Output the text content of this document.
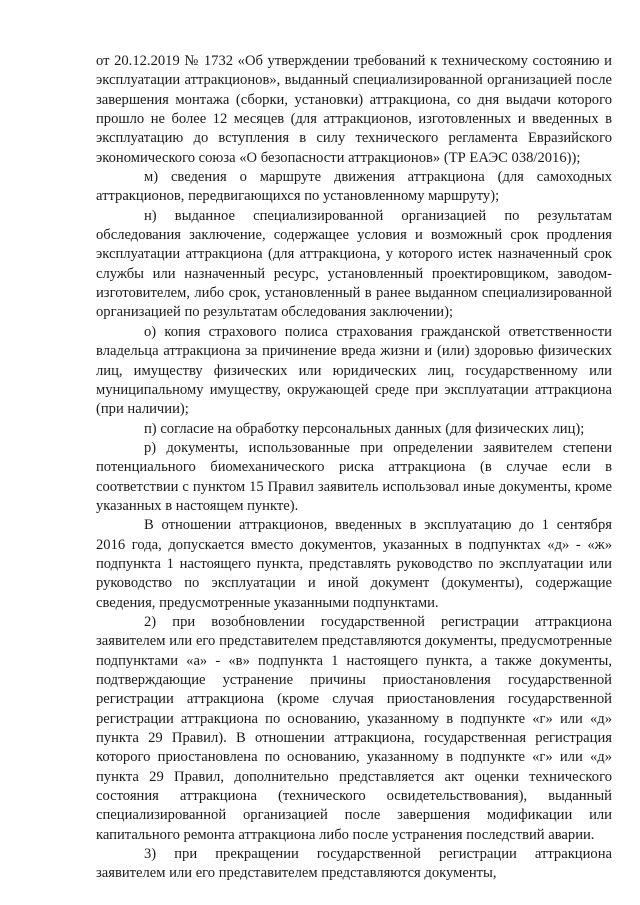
от 20.12.2019 № 1732 «Об утверждении требований к техническому состоянию и эксплуатации аттракционов», выданный специализированной организацией после завершения монтажа (сборки, установки) аттракциона, со дня выдачи которого прошло не более 12 месяцев (для аттракционов, изготовленных и введенных в эксплуатацию до вступления в силу технического регламента Евразийского экономического союза «О безопасности аттракционов» (ТР ЕАЭС 038/2016));

м) сведения о маршруте движения аттракциона (для самоходных аттракционов, передвигающихся по установленному маршруту);

н) выданное специализированной организацией по результатам обследования заключение, содержащее условия и возможный срок продления эксплуатации аттракциона (для аттракциона, у которого истек назначенный срок службы или назначенный ресурс, установленный проектировщиком, заводом-изготовителем, либо срок, установленный в ранее выданном специализированной организацией по результатам обследования заключении);

о) копия страхового полиса страхования гражданской ответственности владельца аттракциона за причинение вреда жизни и (или) здоровью физических лиц, имуществу физических или юридических лиц, государственному или муниципальному имуществу, окружающей среде при эксплуатации аттракциона (при наличии);

п) согласие на обработку персональных данных (для физических лиц);

р) документы, использованные при определении заявителем степени потенциального биомеханического риска аттракциона (в случае если в соответствии с пунктом 15 Правил заявитель использовал иные документы, кроме указанных в настоящем пункте).

В отношении аттракционов, введенных в эксплуатацию до 1 сентября 2016 года, допускается вместо документов, указанных в подпунктах «д» - «ж» подпункта 1 настоящего пункта, представлять руководство по эксплуатации или руководство по эксплуатации и иной документ (документы), содержащие сведения, предусмотренные указанными подпунктами.

2) при возобновлении государственной регистрации аттракциона заявителем или его представителем представляются документы, предусмотренные подпунктами «а» - «в» подпункта 1 настоящего пункта, а также документы, подтверждающие устранение причины приостановления государственной регистрации аттракциона (кроме случая приостановления государственной регистрации аттракциона по основанию, указанному в подпункте «г» или «д» пункта 29 Правил). В отношении аттракциона, государственная регистрация которого приостановлена по основанию, указанному в подпункте «г» или «д» пункта 29 Правил, дополнительно представляется акт оценки технического состояния аттракциона (технического освидетельствования), выданный специализированной организацией после завершения модификации или капитального ремонта аттракциона либо после устранения последствий аварии.

3) при прекращении государственной регистрации аттракциона заявителем или его представителем представляются документы,
